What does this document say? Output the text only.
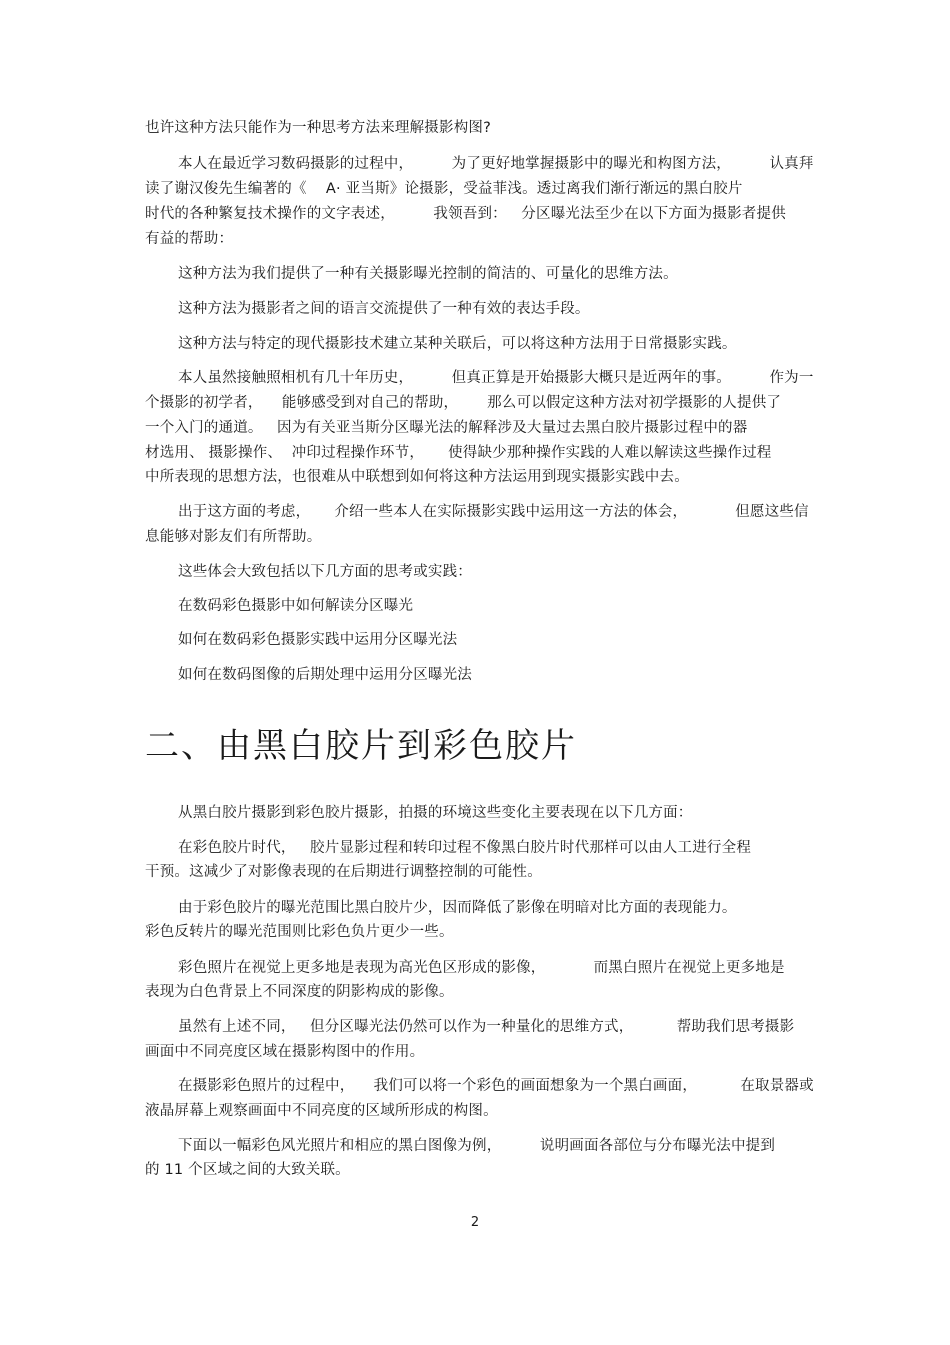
也许这种方法只能作为一种思考方法来理解摄影构图?
本人在最近学习数码摄影的过程中，        为了更好地掌握摄影中的曝光和构图方法，        认真拜
读了谢汉俊先生编著的《    A· 亚当斯》论摄影，受益菲浅。透过离我们渐行渐远的黑白胶片
时代的各种繁复技术操作的文字表述，        我领吾到：   分区曝光法至少在以下方面为摄影者提供
有益的帮助：
这种方法为我们提供了一种有关摄影曝光控制的简洁的、可量化的思维方法。
这种方法为摄影者之间的语言交流提供了一种有效的表达手段。
这种方法与特定的现代摄影技术建立某种关联后，可以将这种方法用于日常摄影实践。
本人虽然接触照相机有几十年历史，        但真正算是开始摄影大概只是近两年的事。        作为一
个摄影的初学者，    能够感受到对自己的帮助，      那么可以假定这种方法对初学摄影的人提供了
一个入门的通道。   因为有关亚当斯分区曝光法的解释涉及大量过去黑白胶片摄影过程中的器
材选用、 摄影操作、  冲印过程操作环节，     使得缺少那种操作实践的人难以解读这些操作过程
中所表现的思想方法，也很难从中联想到如何将这种方法运用到现实摄影实践中去。
出于这方面的考虑，     介绍一些本人在实际摄影实践中运用这一方法的体会，          但愿这些信
息能够对影友们有所帮助。
这些体会大致包括以下几方面的思考或实践：
在数码彩色摄影中如何解读分区曝光
如何在数码彩色摄影实践中运用分区曝光法
如何在数码图像的后期处理中运用分区曝光法
二、由黑白胶片到彩色胶片
从黑白胶片摄影到彩色胶片摄影，拍摄的环境这些变化主要表现在以下几方面：
在彩色胶片时代，   胶片显影过程和转印过程不像黑白胶片时代那样可以由人工进行全程
干预。这减少了对影像表现的在后期进行调整控制的可能性。
由于彩色胶片的曝光范围比黑白胶片少，因而降低了影像在明暗对比方面的表现能力。
彩色反转片的曝光范围则比彩色负片更少一些。
彩色照片在视觉上更多地是表现为高光色区形成的影像，          而黑白照片在视觉上更多地是
表现为白色背景上不同深度的阴影构成的影像。
虽然有上述不同，   但分区曝光法仍然可以作为一种量化的思维方式，         帮助我们思考摄影
画面中不同亮度区域在摄影构图中的作用。
在摄影彩色照片的过程中，    我们可以将一个彩色的画面想象为一个黑白画面，         在取景器或
液晶屏幕上观察画面中不同亮度的区域所形成的构图。
下面以一幅彩色风光照片和相应的黑白图像为例，        说明画面各部位与分布曝光法中提到
的 11 个区域之间的大致关联。
2
